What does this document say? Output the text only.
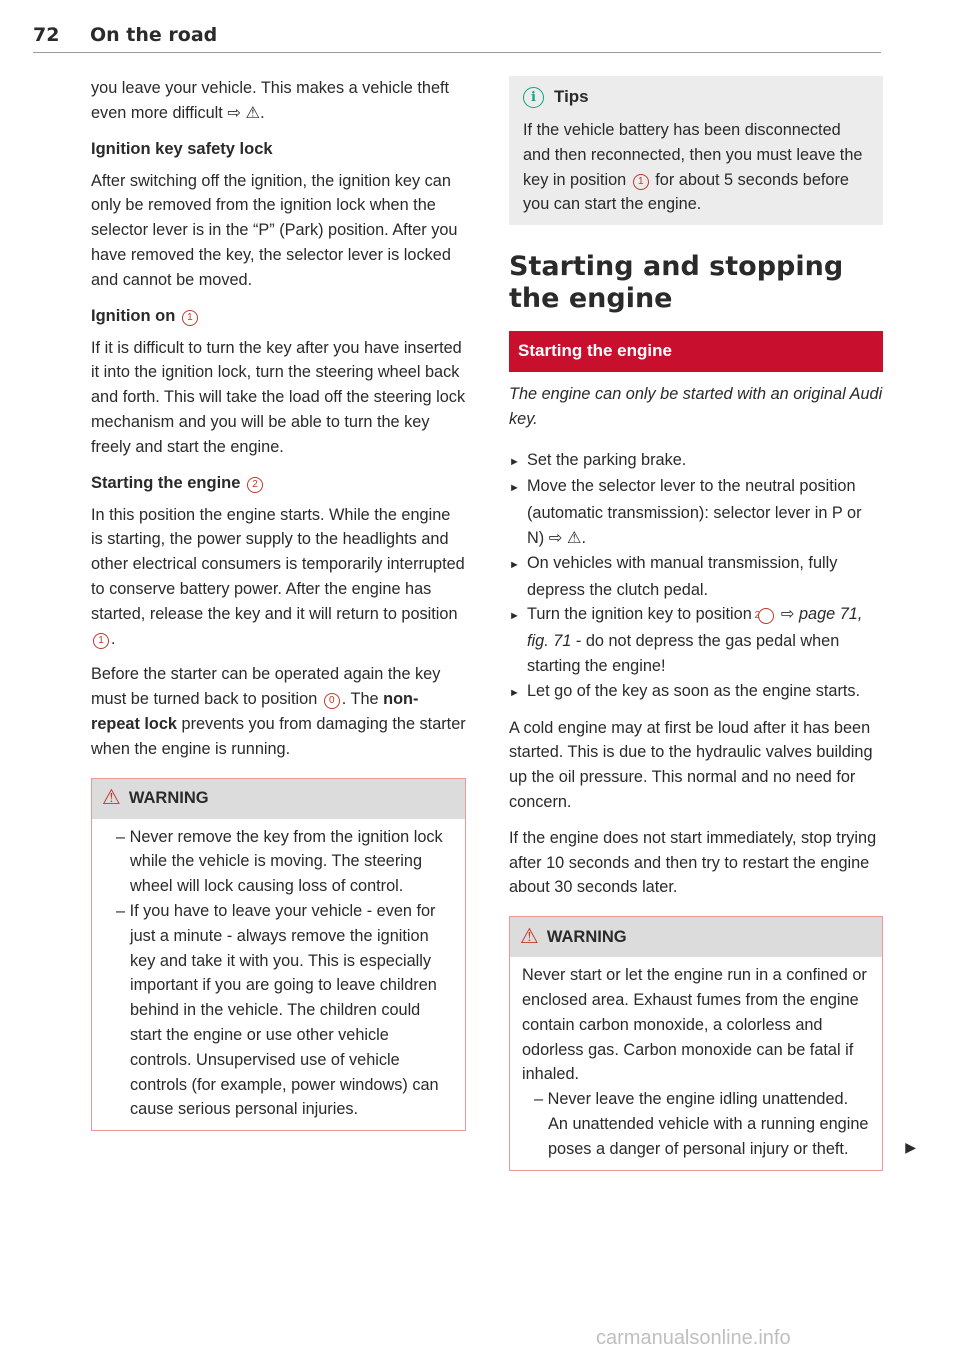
72 On the road

you leave your vehicle. This makes a vehicle theft even more difficult ⇨ ⚠.

Ignition key safety lock

After switching off the ignition, the ignition key can only be removed from the ignition lock when the selector lever is in the “P” (Park) position. After you have removed the key, the selector lever is locked and cannot be moved.

Ignition on 1

If it is difficult to turn the key after you have inserted it into the ignition lock, turn the steering wheel back and forth. This will take the load off the steering lock mechanism and you will be able to turn the key freely and start the engine.

Starting the engine 2

In this position the engine starts. While the engine is starting, the power supply to the headlights and other electrical consumers is temporarily interrupted to conserve battery power. After the engine has started, release the key and it will return to position 1 .

Before the starter can be operated again the key must be turned back to position 0 . The non-repeat lock prevents you from damaging the starter when the engine is running.

⚠ WARNING

– Never remove the key from the ignition lock while the vehicle is moving. The steering wheel will lock causing loss of control.

– If you have to leave your vehicle - even for just a minute - always remove the ignition key and take it with you. This is especially important if you are going to leave children behind in the vehicle. The children could start the engine or use other vehicle controls. Unsupervised use of vehicle controls (for example, power windows) can cause serious personal injuries.

i	Tips

If the vehicle battery has been disconnected and then reconnected, then you must leave the key in position 1 for about 5 seconds before you can start the engine.

Starting and stopping the engine
Starting the engine

The engine can only be started with an original Audi key.

► Set the parking brake.

► Move the selector lever to the neutral position (automatic transmission): selector lever in P or N) ⇨ ⚠.

► On vehicles with manual transmission, fully depress the clutch pedal.

► Turn the ignition key to position 2 ⇨ page 71, fig. 71 - do not depress the gas pedal when starting the engine!

► Let go of the key as soon as the engine starts.

A cold engine may at first be loud after it has been started. This is due to the hydraulic valves building up the oil pressure. This normal and no need for concern.

If the engine does not start immediately, stop trying after 10 seconds and then try to restart the engine about 30 seconds later.

⚠ WARNING

Never start or let the engine run in a confined or enclosed area. Exhaust fumes from the engine contain carbon monoxide, a colorless and odorless gas. Carbon monoxide can be fatal if inhaled.

– Never leave the engine idling unattended. An unattended vehicle with a running engine poses a danger of personal injury or theft.	▶
carmanualsonline.info
